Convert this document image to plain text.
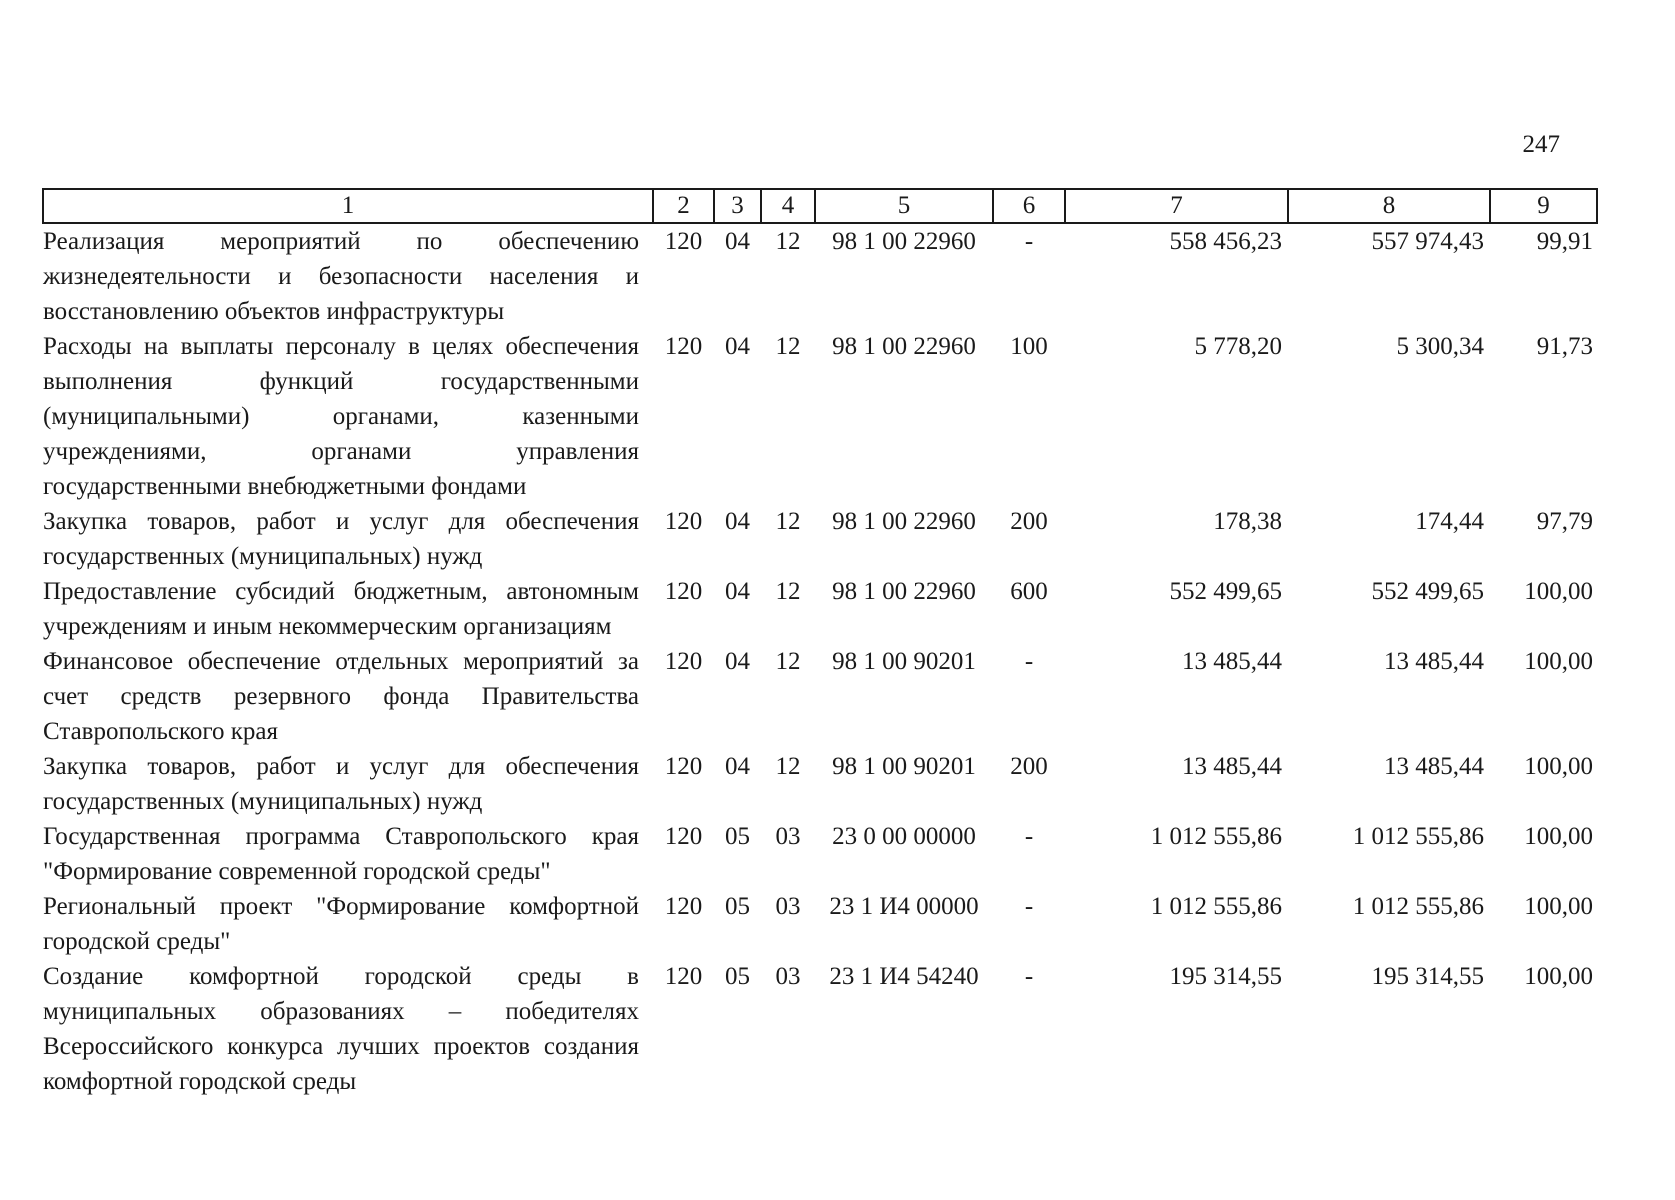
247
1	2	3	4	5	6	7	8	9
Реализация мероприятий по обеспечению жизнедеятельности и безопасности населения и восстановлению объектов инфраструктуры	120	04	12	98 1 00 22960	-	558 456,23	557 974,43	99,91
Расходы на выплаты персоналу в целях обеспечения выполнения функций государственными (муниципальными) органами, казенными учреждениями, органами управления государственными внебюджетными фондами	120	04	12	98 1 00 22960	100	5 778,20	5 300,34	91,73
Закупка товаров, работ и услуг для обеспечения государственных (муниципальных) нужд	120	04	12	98 1 00 22960	200	178,38	174,44	97,79
Предоставление субсидий бюджетным, автономным учреждениям и иным некоммерческим организациям	120	04	12	98 1 00 22960	600	552 499,65	552 499,65	100,00
Финансовое обеспечение отдельных мероприятий за счет средств резервного фонда Правительства Ставропольского края	120	04	12	98 1 00 90201	-	13 485,44	13 485,44	100,00
Закупка товаров, работ и услуг для обеспечения государственных (муниципальных) нужд	120	04	12	98 1 00 90201	200	13 485,44	13 485,44	100,00
Государственная программа Ставропольского края "Формирование современной городской среды"	120	05	03	23 0 00 00000	-	1 012 555,86	1 012 555,86	100,00
Региональный проект "Формирование комфортной городской среды"	120	05	03	23 1 И4 00000	-	1 012 555,86	1 012 555,86	100,00
Создание комфортной городской среды в муниципальных образованиях – победителях Всероссийского конкурса лучших проектов создания комфортной городской среды	120	05	03	23 1 И4 54240	-	195 314,55	195 314,55	100,00
